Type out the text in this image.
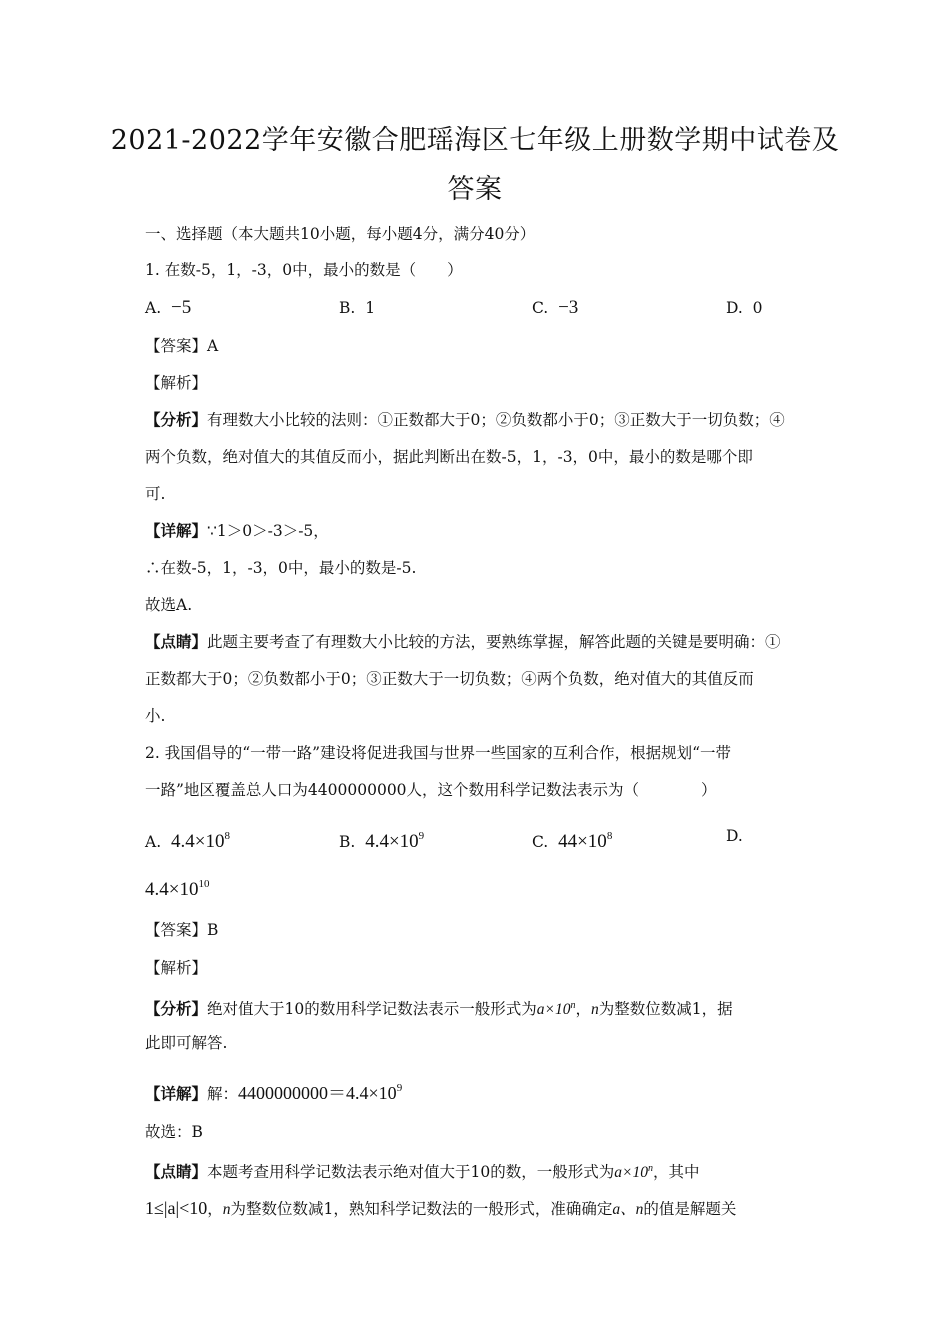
2021-2022学年安徽合肥瑶海区七年级上册数学期中试卷及
答案
一、选择题（本大题共10小题，每小题4分，满分40分）
1. 在数-5，1，-3，0中，最小的数是（　　）
A. −5	B. 1	C. −3	D. 0
【答案】A
【解析】
【分析】有理数大小比较的法则：①正数都大于0；②负数都小于0；③正数大于一切负数；④
两个负数，绝对值大的其值反而小，据此判断出在数-5，1，-3，0中，最小的数是哪个即
可.
【详解】∵1＞0＞-3＞-5，
∴在数-5，1，-3，0中，最小的数是-5.
故选A.
【点睛】此题主要考查了有理数大小比较的方法，要熟练掌握，解答此题的关键是要明确：①
正数都大于0；②负数都小于0；③正数大于一切负数；④两个负数，绝对值大的其值反而
小.
2. 我国倡导的“一带一路”建设将促进我国与世界一些国家的互利合作，根据规划“一带
一路”地区覆盖总人口为4400000000人，这个数用科学记数法表示为（　　　　）
A. $4.4\times 10^8$	B. $4.4\times 10^9$	C. $44\times 10^8$	D.
$4.4\times 10^{10}$
【答案】B
【解析】
【分析】绝对值大于10的数用科学记数法表示一般形式为$a\times 10^n$，n为整数位数减1，据
此即可解答.
【详解】解：$4400000000=4.4\times 10^9$
故选：B
【点睛】本题考查用科学记数法表示绝对值大于10的数，一般形式为$a\times 10^n$，其中
1≤|a|<10，n为整数位数减1，熟知科学记数法的一般形式，准确确定a、n的值是解题关
